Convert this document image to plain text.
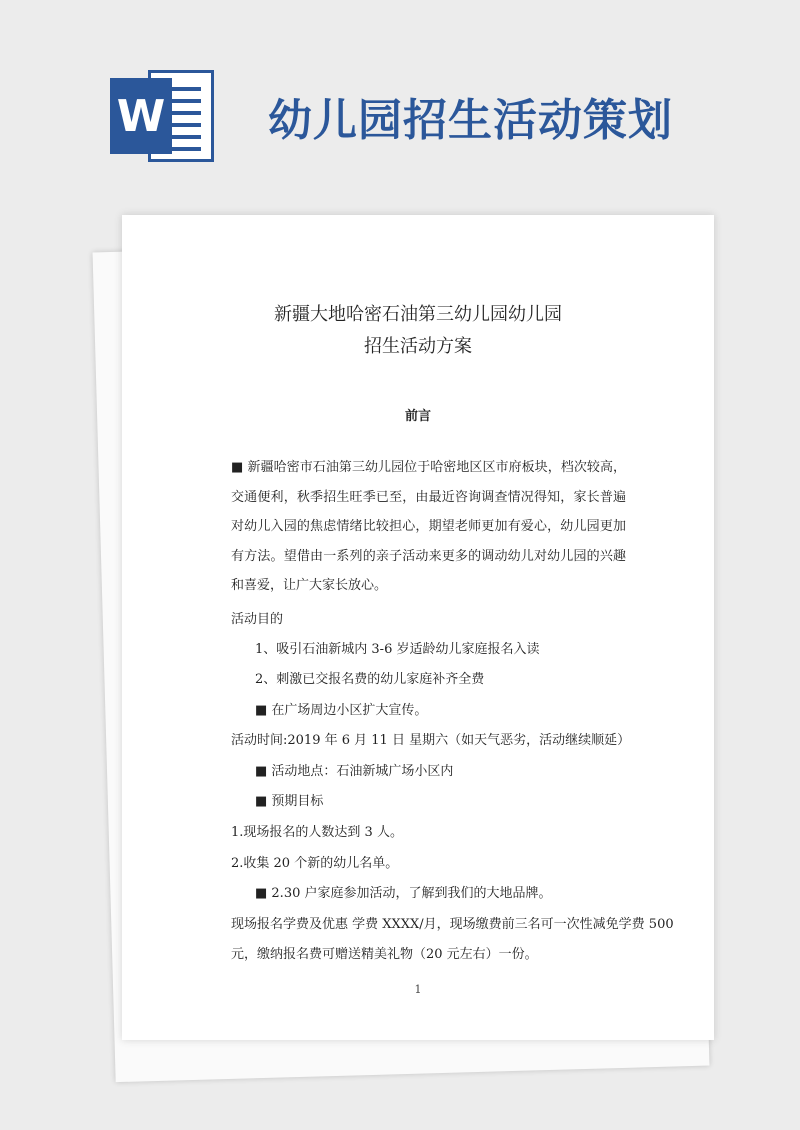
W 幼儿园招生活动策划
新疆大地哈密石油第三幼儿园幼儿园
招生活动方案
前言
■ 新疆哈密市石油第三幼儿园位于哈密地区区市府板块，档次较高，交通便利，秋季招生旺季已至，由最近咨询调查情况得知，家长普遍对幼儿入园的焦虑情绪比较担心，期望老师更加有爱心，幼儿园更加有方法。望借由一系列的亲子活动来更多的调动幼儿对幼儿园的兴趣和喜爱，让广大家长放心。
活动目的
1、吸引石油新城内 3-6 岁适龄幼儿家庭报名入读
2、刺激已交报名费的幼儿家庭补齐全费
■ 在广场周边小区扩大宣传。
活动时间:2019 年 6 月 11 日 星期六（如天气恶劣，活动继续顺延）
■ 活动地点：石油新城广场小区内
■ 预期目标
1.现场报名的人数达到 3 人。
2.收集 20 个新的幼儿名单。
■ 2.30 户家庭参加活动，了解到我们的大地品牌。
现场报名学费及优惠 学费 XXXX/月，现场缴费前三名可一次性减免学费 500
元，缴纳报名费可赠送精美礼物（20 元左右）一份。
1
